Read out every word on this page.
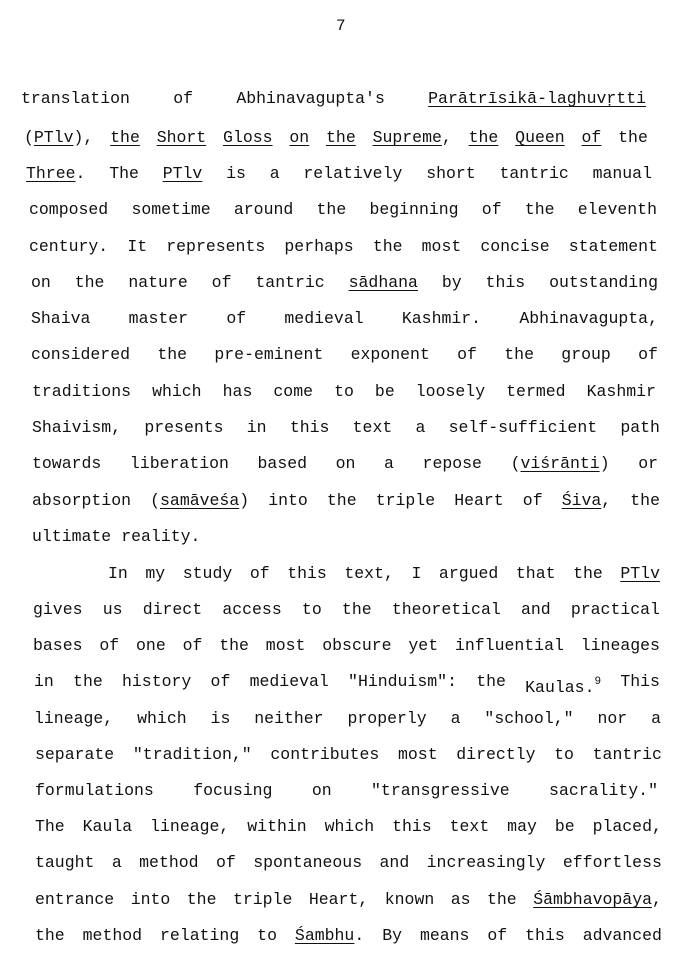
7
translation	of	Abhinavagupta's	Parātrīsikā-laghuvṛtti
(PTlv), the Short Gloss on the Supreme, the Queen of the
Three. The PTlv is a relatively short tantric manual
composed sometime around the beginning of the eleventh
century. It represents perhaps the most concise statement
on the nature of tantric sādhana by this outstanding
Shaiva master of medieval Kashmir. Abhinavagupta,
considered the pre-eminent exponent of the group of
traditions which has come to be loosely termed Kashmir
Shaivism, presents in this text a self-sufficient path
towards liberation based on a repose (viśrānti) or
absorption (samāveśa) into the triple Heart of Śiva, the
ultimate reality.
In my study of this text, I argued that the PTlv
gives us direct access to the theoretical and practical
bases of one of the most obscure yet influential lineages
in the history of medieval "Hinduism": the Kaulas.$^9$ This
lineage, which is neither properly a "school," nor a
separate "tradition," contributes most directly to tantric
formulations focusing on "transgressive sacrality."
The Kaula lineage, within which this text may be placed,
taught a method of spontaneous and increasingly effortless
entrance into the triple Heart, known as the Śāmbhavopāya,
the method relating to Śambhu. By means of this advanced
